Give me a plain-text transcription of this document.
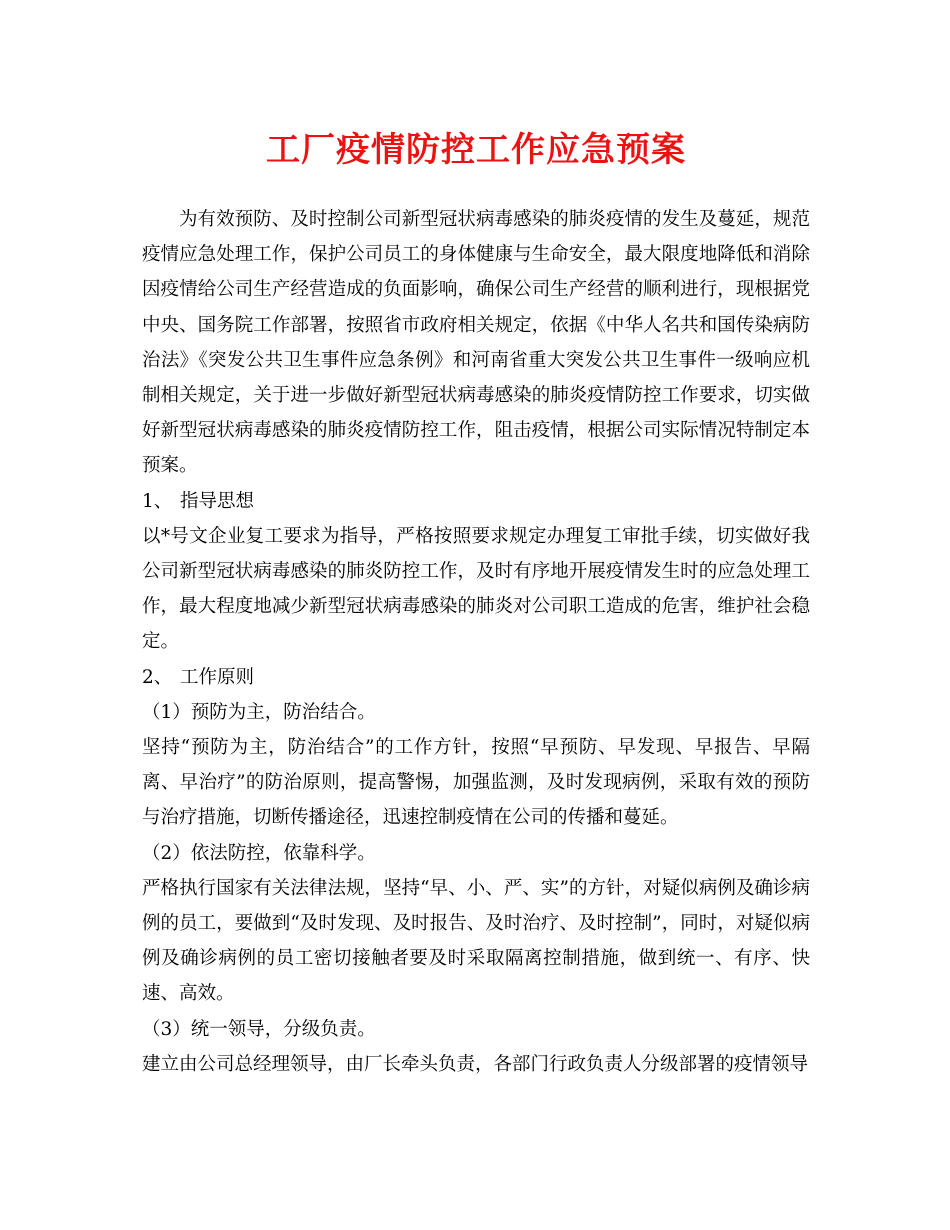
工厂疫情防控工作应急预案

为有效预防、及时控制公司新型冠状病毒感染的肺炎疫情的发生及蔓延，规范疫情应急处理工作，保护公司员工的身体健康与生命安全，最大限度地降低和消除因疫情给公司生产经营造成的负面影响，确保公司生产经营的顺利进行，现根据党中央、国务院工作部署，按照省市政府相关规定，依据《中华人名共和国传染病防治法》《突发公共卫生事件应急条例》和河南省重大突发公共卫生事件一级响应机制相关规定，关于进一步做好新型冠状病毒感染的肺炎疫情防控工作要求，切实做好新型冠状病毒感染的肺炎疫情防控工作，阻击疫情，根据公司实际情况特制定本预案。

1、 指导思想

以*号文企业复工要求为指导，严格按照要求规定办理复工审批手续，切实做好我公司新型冠状病毒感染的肺炎防控工作，及时有序地开展疫情发生时的应急处理工作，最大程度地减少新型冠状病毒感染的肺炎对公司职工造成的危害，维护社会稳定。

2、 工作原则

（1）预防为主，防治结合。

坚持“预防为主，防治结合”的工作方针，按照“早预防、早发现、早报告、早隔离、早治疗”的防治原则，提高警惕，加强监测，及时发现病例，采取有效的预防与治疗措施，切断传播途径，迅速控制疫情在公司的传播和蔓延。

（2）依法防控，依靠科学。

严格执行国家有关法律法规，坚持“早、小、严、实”的方针，对疑似病例及确诊病例的员工，要做到“及时发现、及时报告、及时治疗、及时控制”，同时，对疑似病例及确诊病例的员工密切接触者要及时采取隔离控制措施，做到统一、有序、快速、高效。

（3）统一领导，分级负责。

建立由公司总经理领导，由厂长牵头负责，各部门行政负责人分级部署的疫情领导
